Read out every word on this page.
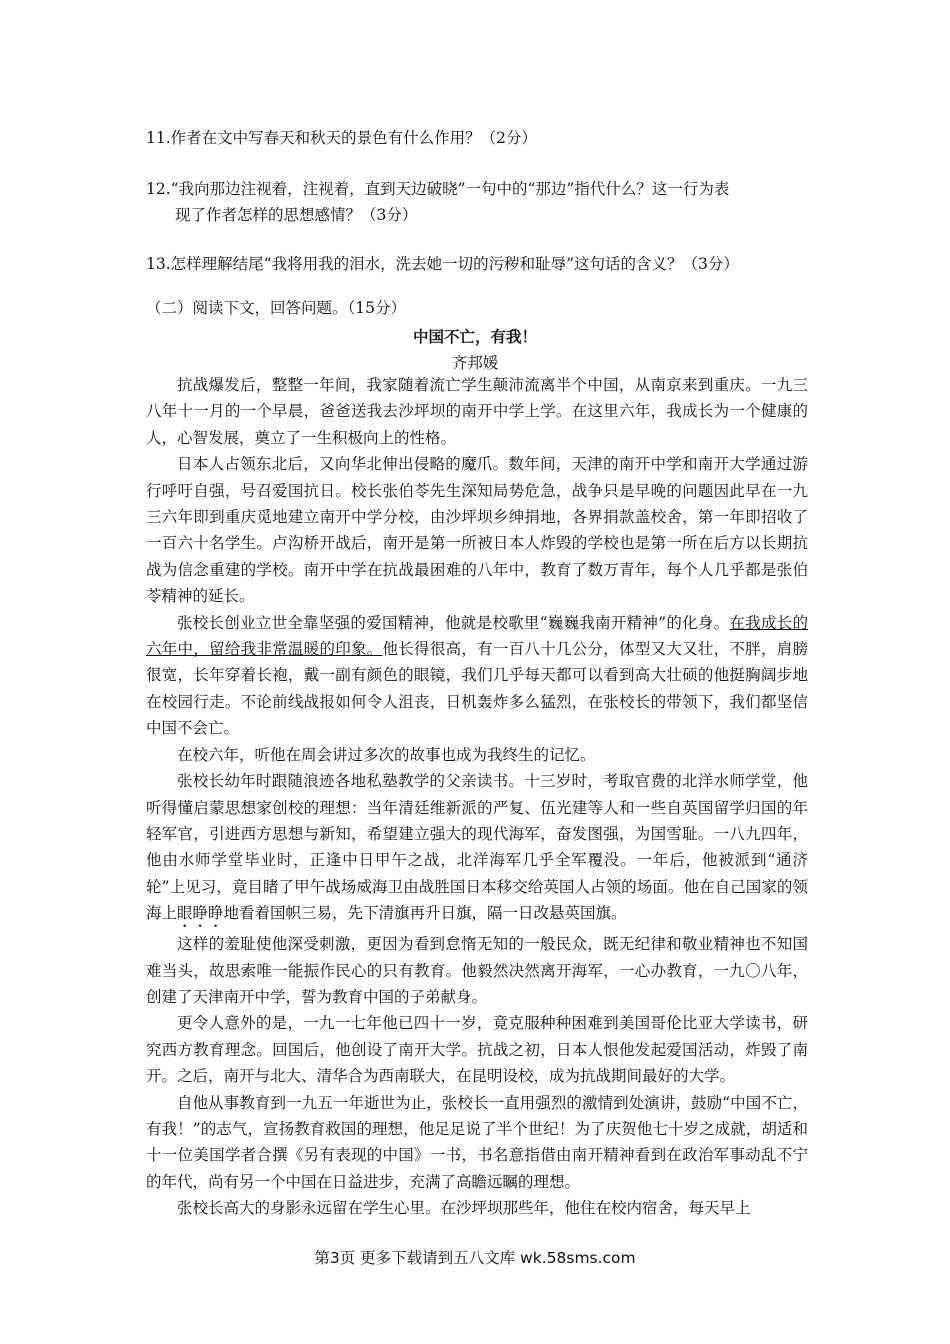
11.作者在文中写春天和秋天的景色有什么作用？（2分）

12.“我向那边注视着，注视着，直到天边破晓”一句中的“那边”指代什么？这一行为表
现了作者怎样的思想感情？（3分）

13.怎样理解结尾“我将用我的泪水，洗去她一切的污秽和耻辱”这句话的含义？（3分）

（二）阅读下文，回答问题。（15分）

中国不亡，有我！

齐邦媛

抗战爆发后，整整一年间，我家随着流亡学生颠沛流离半个中国，从南京来到重庆。一九三八年十一月的一个早晨，爸爸送我去沙坪坝的南开中学上学。在这里六年，我成长为一个健康的人，心智发展，奠立了一生积极向上的性格。

日本人占领东北后，又向华北伸出侵略的魔爪。数年间，天津的南开中学和南开大学通过游行呼吁自强，号召爱国抗日。校长张伯苓先生深知局势危急，战争只是早晚的问题因此早在一九三六年即到重庆觅地建立南开中学分校，由沙坪坝乡绅捐地，各界捐款盖校舍，第一年即招收了一百六十名学生。卢沟桥开战后，南开是第一所被日本人炸毁的学校也是第一所在后方以长期抗战为信念重建的学校。南开中学在抗战最困难的八年中，教育了数万青年，每个人几乎都是张伯苓精神的延长。

张校长创业立世全靠坚强的爱国精神，他就是校歌里“巍巍我南开精神”的化身。在我成长的六年中，留给我非常温暖的印象。他长得很高，有一百八十几公分，体型又大又壮，不胖，肩膀很宽，长年穿着长袍，戴一副有颜色的眼镜，我们几乎每天都可以看到高大壮硕的他挺胸阔步地在校园行走。不论前线战报如何令人沮丧，日机轰炸多么猛烈，在张校长的带领下，我们都坚信中国不会亡。

在校六年，听他在周会讲过多次的故事也成为我终生的记忆。

张校长幼年时跟随浪迹各地私塾教学的父亲读书。十三岁时，考取官费的北洋水师学堂，他听得懂启蒙思想家创校的理想：当年清廷维新派的严复、伍光建等人和一些自英国留学归国的年轻军官，引进西方思想与新知，希望建立强大的现代海军，奋发图强，为国雪耻。一八九四年，他由水师学堂毕业时，正逢中日甲午之战，北洋海军几乎全军覆没。一年后，他被派到“通济轮”上见习，竟目睹了甲午战场威海卫由战胜国日本移交给英国人占领的场面。他在自己国家的领海上眼睁睁地看着国帜三易，先下清旗再升日旗，隔一日改悬英国旗。

这样的羞耻使他深受刺激，更因为看到怠惰无知的一般民众，既无纪律和敬业精神也不知国难当头，故思索唯一能振作民心的只有教育。他毅然决然离开海军，一心办教育，一九〇八年，创建了天津南开中学，誓为教育中国的子弟献身。

更令人意外的是，一九一七年他已四十一岁，竟克服种种困难到美国哥伦比亚大学读书，研究西方教育理念。回国后，他创设了南开大学。抗战之初，日本人恨他发起爱国活动，炸毁了南开。之后，南开与北大、清华合为西南联大，在昆明设校，成为抗战期间最好的大学。

自他从事教育到一九五一年逝世为止，张校长一直用强烈的激情到处演讲，鼓励“中国不亡，有我！”的志气，宣扬教育救国的理想，他足足说了半个世纪！为了庆贺他七十岁之成就，胡适和十一位美国学者合撰《另有表现的中国》一书，书名意指借由南开精神看到在政治军事动乱不宁的年代，尚有另一个中国在日益进步，充满了高瞻远瞩的理想。

张校长高大的身影永远留在学生心里。在沙坪坝那些年，他住在校内宿舍，每天早上

第3页 更多下载请到五八文库 wk.58sms.com
